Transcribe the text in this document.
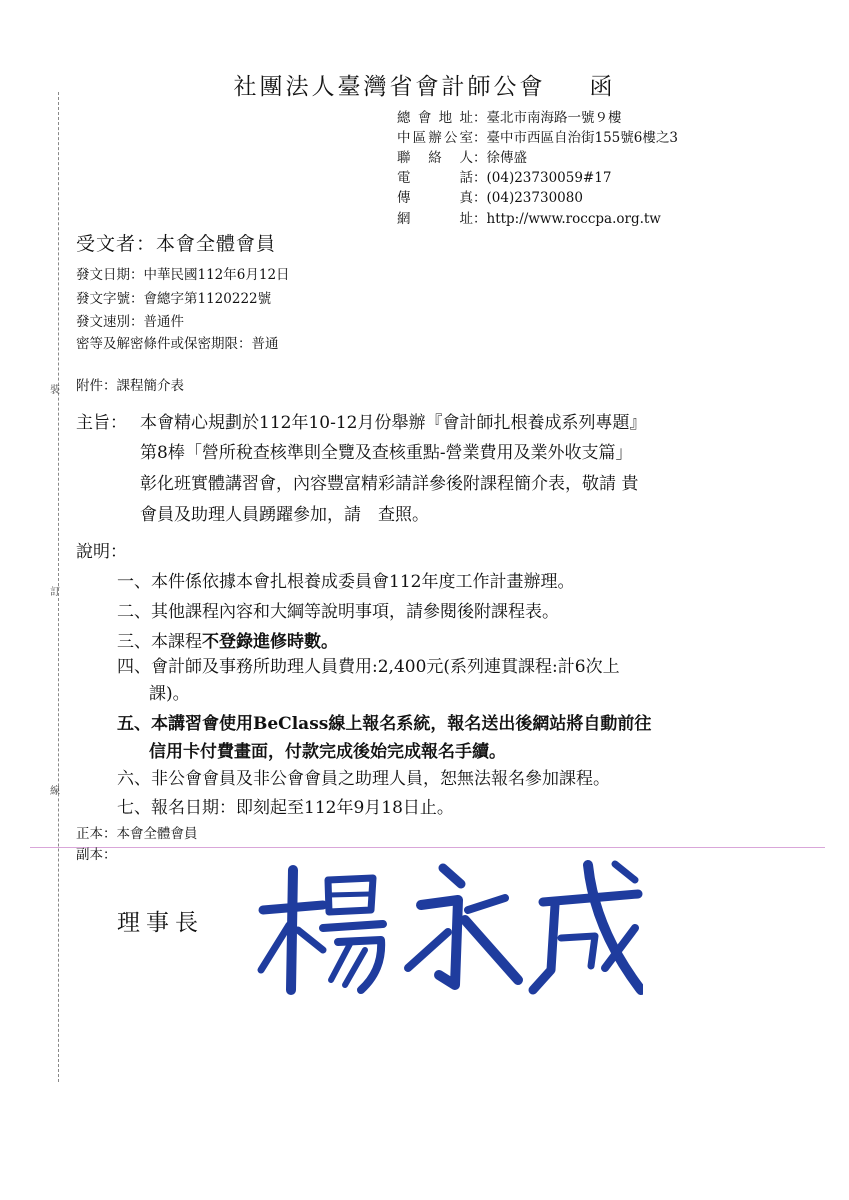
裝
訂
線
社團法人臺灣省會計師公會 函
總會地址：臺北市南海路一號９樓
中區辦公室：臺中市西區自治街155號6樓之3
聯絡人：徐傳盛
電話：(04)23730059#17
傳真：(04)23730080
網址：http://www.roccpa.org.tw
受文者：本會全體會員
發文日期：中華民國112年6月12日
發文字號：會總字第1120222號
發文速別：普通件
密等及解密條件或保密期限：普通
附件：課程簡介表
主旨： 本會精心規劃於112年10-12月份舉辦『會計師扎根養成系列專題』
第8棒「營所稅查核準則全覽及查核重點-營業費用及業外收支篇」
彰化班實體講習會，內容豐富精彩請詳參後附課程簡介表，敬請 貴
會員及助理人員踴躍參加，請　查照。
說明：
一、本件係依據本會扎根養成委員會112年度工作計畫辦理。
二、其他課程內容和大綱等說明事項，請參閱後附課程表。
三、本課程不登錄進修時數。
四、會計師及事務所助理人員費用:2,400元(系列連貫課程:計6次上
課)。
五、本講習會使用BeClass線上報名系統，報名送出後網站將自動前往
信用卡付費畫面，付款完成後始完成報名手續。
六、非公會會員及非公會會員之助理人員，恕無法報名參加課程。
七、報名日期：即刻起至112年9月18日止。
正本：本會全體會員
副本：
理事長
